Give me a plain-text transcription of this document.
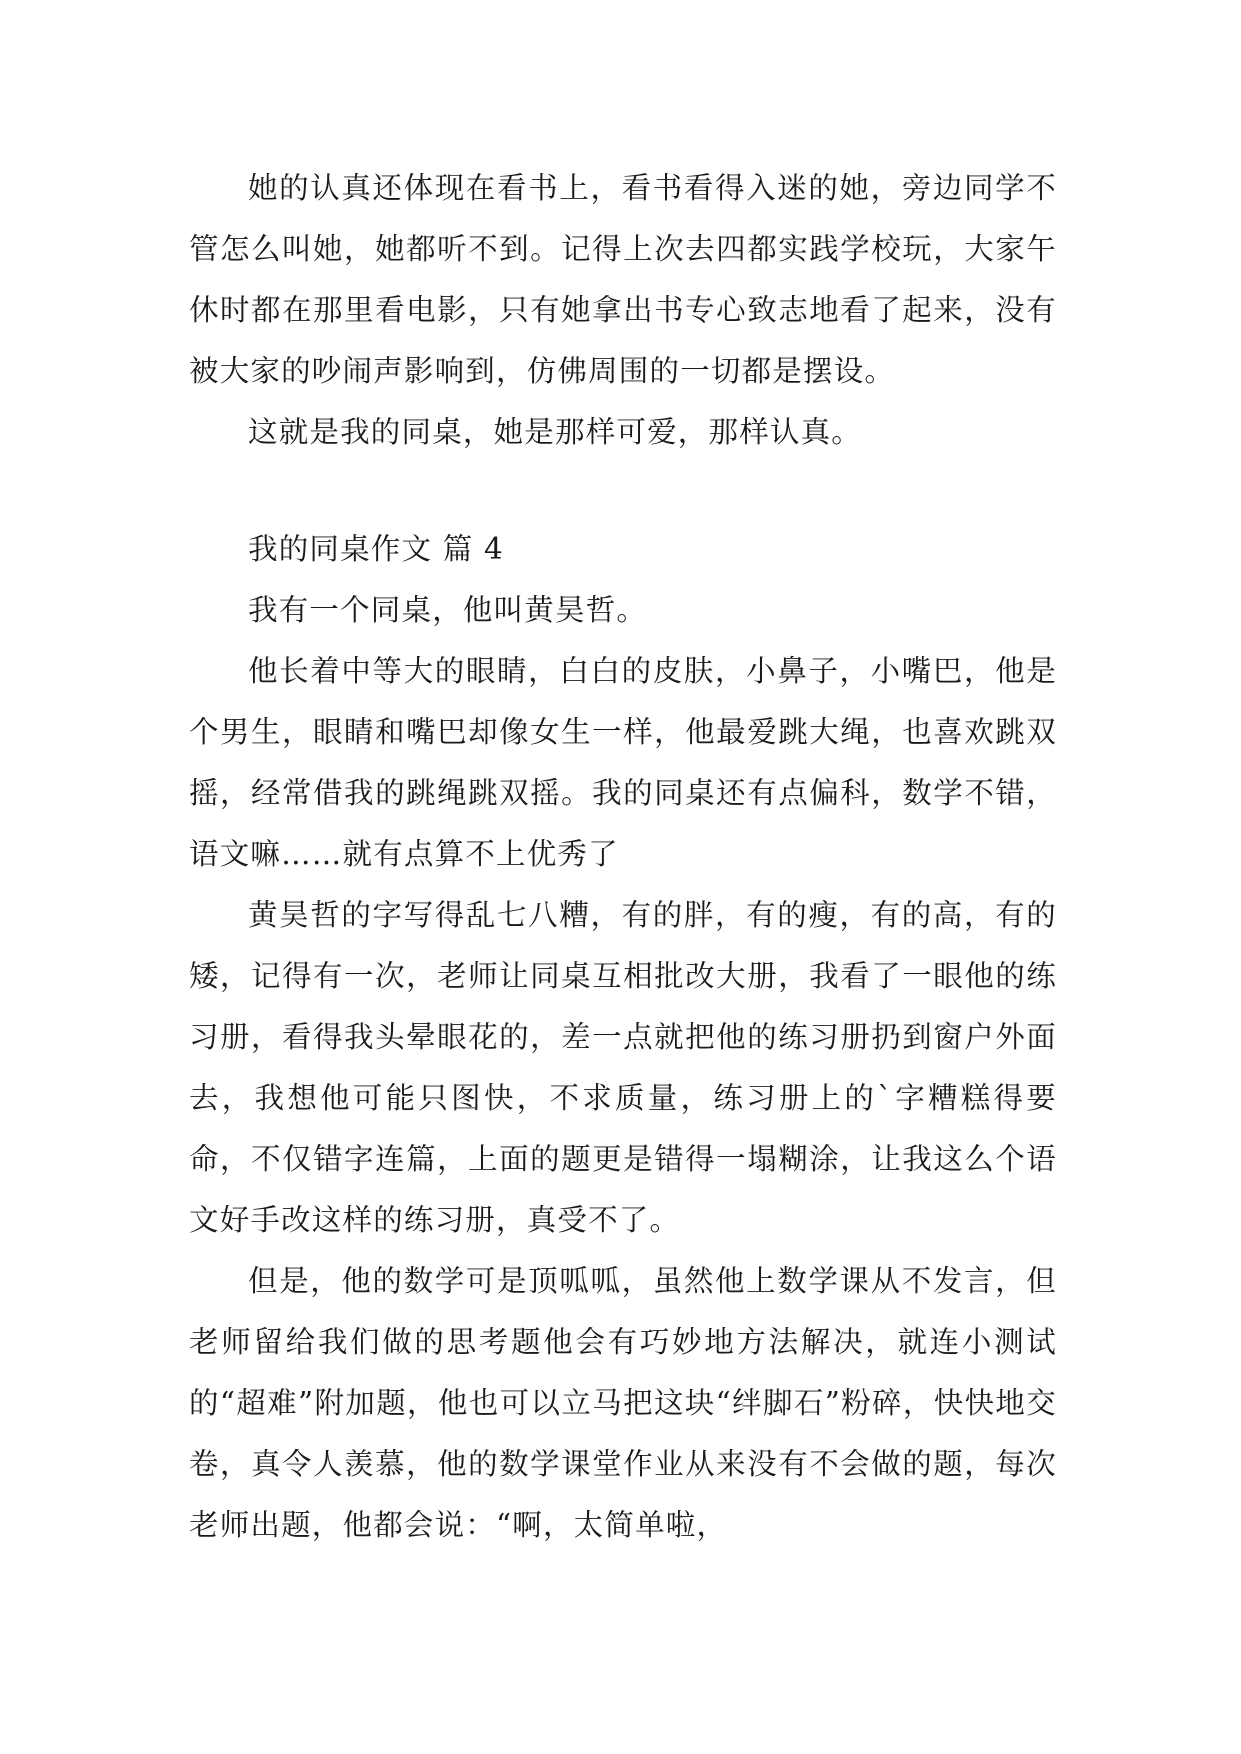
她的认真还体现在看书上，看书看得入迷的她，旁边同学不管怎么叫她，她都听不到。记得上次去四都实践学校玩，大家午休时都在那里看电影，只有她拿出书专心致志地看了起来，没有被大家的吵闹声影响到，仿佛周围的一切都是摆设。

这就是我的同桌，她是那样可爱，那样认真。

我的同桌作文 篇 4

我有一个同桌，他叫黄昊哲。

他长着中等大的眼睛，白白的皮肤，小鼻子，小嘴巴，他是个男生，眼睛和嘴巴却像女生一样，他最爱跳大绳，也喜欢跳双摇，经常借我的跳绳跳双摇。我的同桌还有点偏科，数学不错，语文嘛……就有点算不上优秀了

黄昊哲的字写得乱七八糟，有的胖，有的瘦，有的高，有的矮，记得有一次，老师让同桌互相批改大册，我看了一眼他的练习册，看得我头晕眼花的，差一点就把他的练习册扔到窗户外面去，我想他可能只图快，不求质量，练习册上的`字糟糕得要命，不仅错字连篇，上面的题更是错得一塌糊涂，让我这么个语文好手改这样的练习册，真受不了。

但是，他的数学可是顶呱呱，虽然他上数学课从不发言，但老师留给我们做的思考题他会有巧妙地方法解决，就连小测试的“超难”附加题，他也可以立马把这块“绊脚石”粉碎，快快地交卷，真令人羡慕，他的数学课堂作业从来没有不会做的题，每次老师出题，他都会说：“啊，太简单啦，
